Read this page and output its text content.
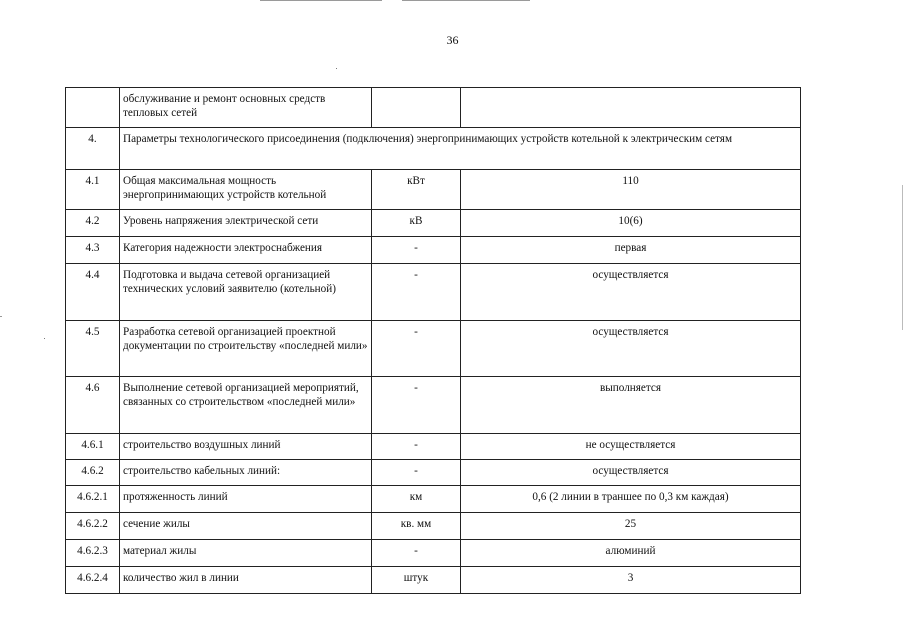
36
	обслуживание и ремонт основных средств тепловых сетей		
4.	Параметры технологического присоединения (подключения) энергопринимающих устройств котельной к электрическим сетям		
4.1	Общая максимальная мощность энергопринимающих устройств котельной	кВт	110
4.2	Уровень напряжения электрической сети	кВ	10(6)
4.3	Категория надежности электроснабжения	-	первая
4.4	Подготовка и выдача сетевой организацией технических условий заявителю (котельной)	-	осуществляется
4.5	Разработка сетевой организацией проектной документации по строительству «последней мили»	-	осуществляется
4.6	Выполнение сетевой организацией мероприятий, связанных со строительством «последней мили»	-	выполняется
4.6.1	строительство воздушных линий	-	не осуществляется
4.6.2	строительство кабельных линий:	-	осуществляется
4.6.2.1	протяженность линий	км	0,6 (2 линии в траншее по 0,3 км каждая)
4.6.2.2	сечение жилы	кв. мм	25
4.6.2.3	материал жилы	-	алюминий
4.6.2.4	количество жил в линии	штук	3
